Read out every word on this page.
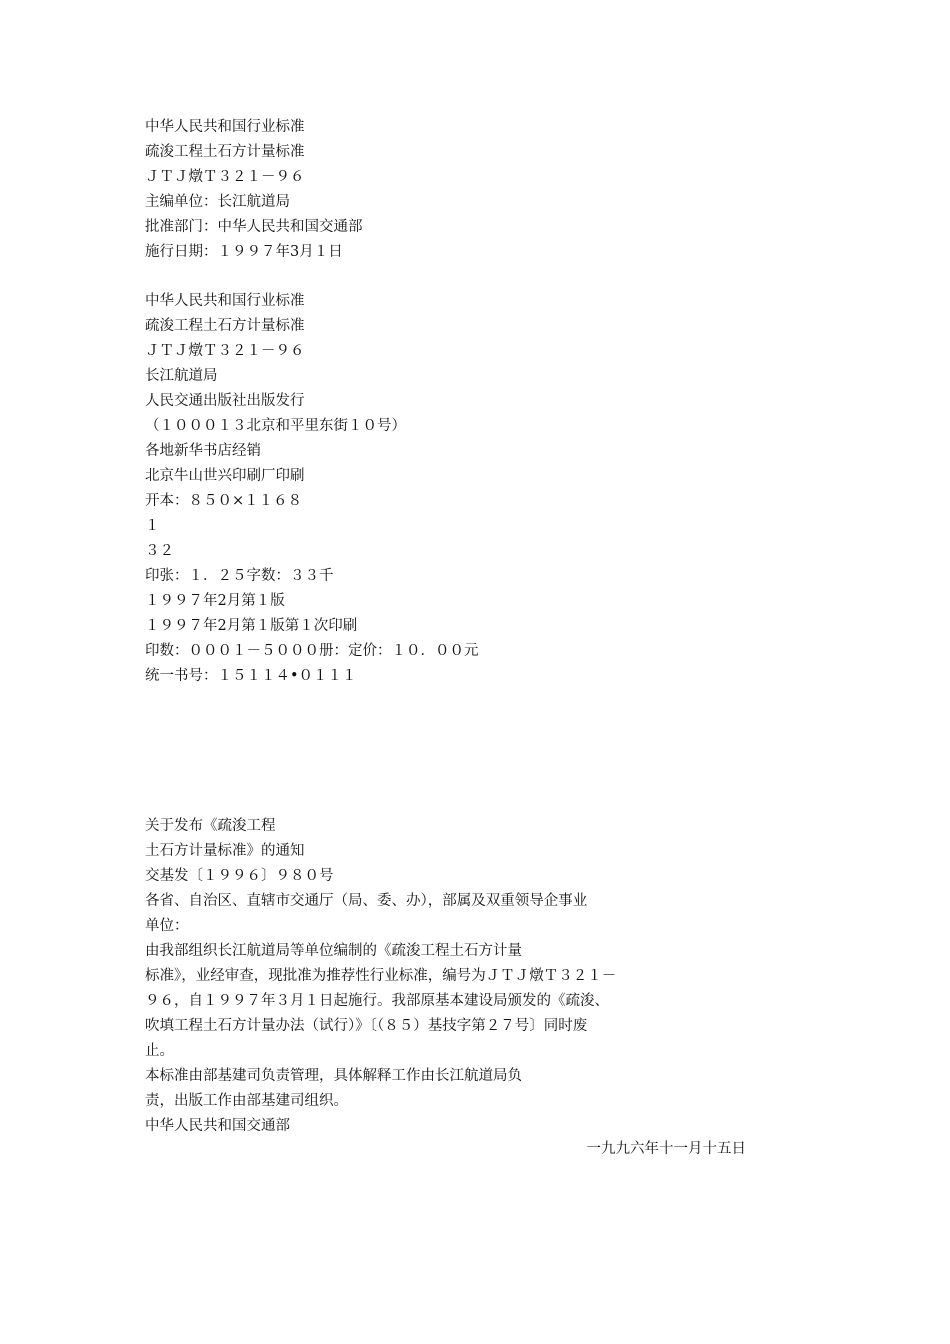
中华人民共和国行业标准
疏浚工程土石方计量标准
ＪＴＪ燉Ｔ３２１－９６
主编单位：长江航道局
批准部门：中华人民共和国交通部
施行日期：１９９７年3月１日
中华人民共和国行业标准
疏浚工程土石方计量标准
ＪＴＪ燉Ｔ３２１－９６
长江航道局
人民交通出版社出版发行
（１０００１３北京和平里东街１０号）
各地新华书店经销
北京牛山世兴印刷厂印刷
开本：８５０×１１６８
１
３２
印张：１．２５字数：３３千
１９９７年2月第１版
１９９７年2月第１版第１次印刷
印数：０００１－５０００册：定价：１０．００元
统一书号：１５１１４•０１１１
关于发布《疏浚工程
土石方计量标准》的通知
交基发〔１９９６〕９８０号
各省、自治区、直辖市交通厅（局、委、办），部属及双重领导企事业
单位：
由我部组织长江航道局等单位编制的《疏浚工程土石方计量
标准》，业经审查，现批准为推荐性行业标准，编号为ＪＴＪ燉Ｔ３２１－
９６，自１９９７年３月１日起施行。我部原基本建设局颁发的《疏浚、
吹填工程土石方计量办法（试行）》〔（８５）基技字第２７号〕同时废
止。
本标准由部基建司负责管理，具体解释工作由长江航道局负
责，出版工作由部基建司组织。
中华人民共和国交通部
一九九六年十一月十五日
